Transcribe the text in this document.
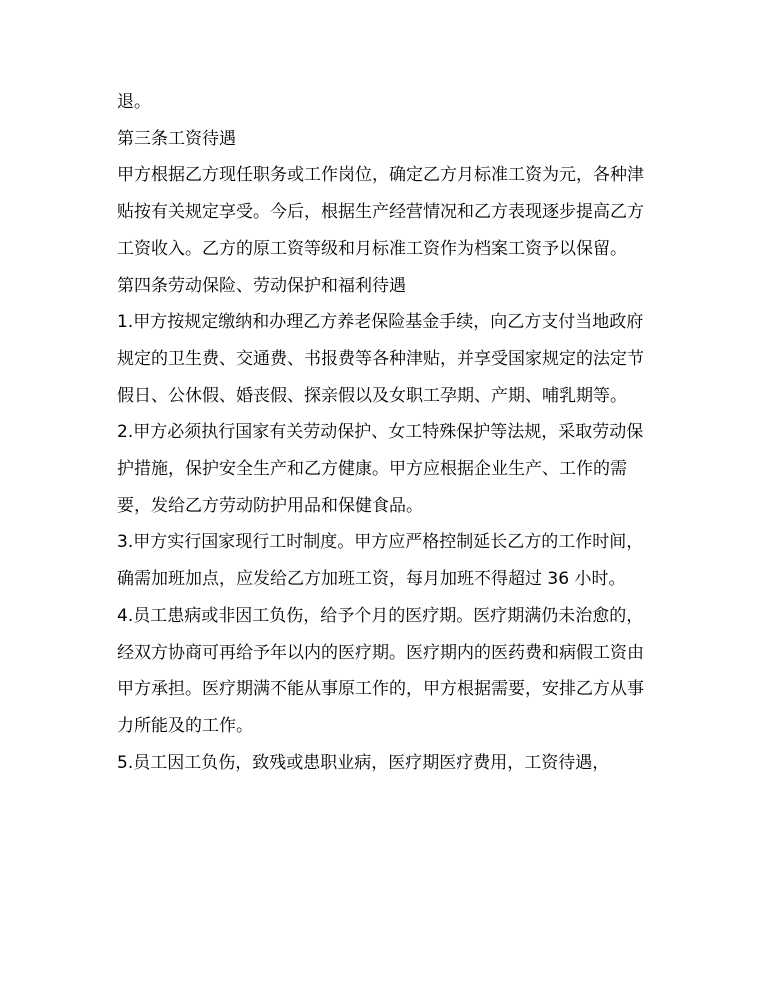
退。

第三条工资待遇

甲方根据乙方现任职务或工作岗位，确定乙方月标准工资为元，各种津贴按有关规定享受。今后，根据生产经营情况和乙方表现逐步提高乙方工资收入。乙方的原工资等级和月标准工资作为档案工资予以保留。

第四条劳动保险、劳动保护和福利待遇

1.甲方按规定缴纳和办理乙方养老保险基金手续，向乙方支付当地政府规定的卫生费、交通费、书报费等各种津贴，并享受国家规定的法定节假日、公休假、婚丧假、探亲假以及女职工孕期、产期、哺乳期等。

2.甲方必须执行国家有关劳动保护、女工特殊保护等法规，采取劳动保护措施，保护安全生产和乙方健康。甲方应根据企业生产、工作的需要，发给乙方劳动防护用品和保健食品。

3.甲方实行国家现行工时制度。甲方应严格控制延长乙方的工作时间，确需加班加点，应发给乙方加班工资，每月加班不得超过 36 小时。

4.员工患病或非因工负伤，给予个月的医疗期。医疗期满仍未治愈的，经双方协商可再给予年以内的医疗期。医疗期内的医药费和病假工资由甲方承担。医疗期满不能从事原工作的，甲方根据需要，安排乙方从事力所能及的工作。

5.员工因工负伤，致残或患职业病，医疗期医疗费用，工资待遇，
